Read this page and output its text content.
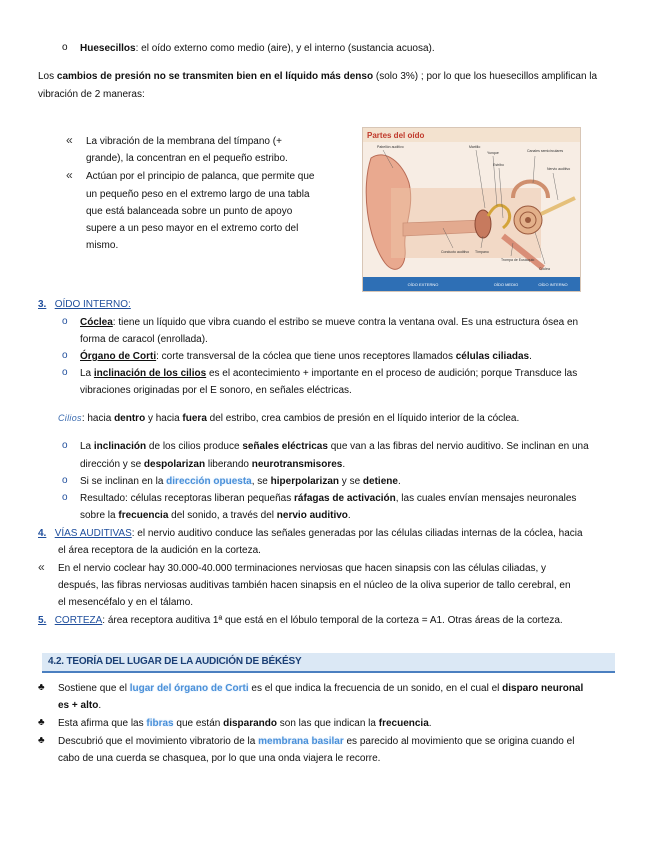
o Huesecillos: el oído externo como medio (aire), y el interno (sustancia acuosa).
Los cambios de presión no se transmiten bien en el líquido más denso (solo 3%) ; por lo que los huesecillos amplifican la
vibración de 2 maneras:
« La vibración de la membrana del tímpano (+
grande), la concentran en el pequeño estribo.
« Actúan por el principio de palanca, que permite que
un pequeño peso en el extremo largo de una tabla
que está balanceada sobre un punto de apoyo
supere a un peso mayor en el extremo corto del
mismo.
Partes del oído
Pabellón auditivo	Martillo
Yunque
Estribo
Canales semicirculares
Nervio auditivo
Conducto auditivo Tímpano
Trompa de Eustaquio
Cóclea
OÍDO EXTERNO	OÍDO MEDIO	OÍDO INTERNO
3. OÍDO INTERNO:
o Cóclea: tiene un líquido que vibra cuando el estribo se mueve contra la ventana oval. Es una estructura ósea en
forma de caracol (enrollada).
o Órgano de Corti: corte transversal de la cóclea que tiene unos receptores llamados células ciliadas.
o La inclinación de los cilios es el acontecimiento + importante en el proceso de audición; porque Transduce las
vibraciones originadas por el E sonoro, en señales eléctricas.
Cilios: hacia dentro y hacia fuera del estribo, crea cambios de presión en el líquido interior de la cóclea.
o La inclinación de los cilios produce señales eléctricas que van a las fibras del nervio auditivo. Se inclinan en una
dirección y se despolarizan liberando neurotransmisores.
o Si se inclinan en la dirección opuesta, se hiperpolarizan y se detiene.
o Resultado: células receptoras liberan pequeñas ráfagas de activación, las cuales envían mensajes neuronales
sobre la frecuencia del sonido, a través del nervio auditivo.
4. VÍAS AUDITIVAS: el nervio auditivo conduce las señales generadas por las células ciliadas internas de la cóclea, hacia
el área receptora de la audición en la corteza.
« En el nervio coclear hay 30.000-40.000 terminaciones nerviosas que hacen sinapsis con las células ciliadas, y
después, las fibras nerviosas auditivas también hacen sinapsis en el núcleo de la oliva superior de tallo cerebral, en
el mesencéfalo y en el tálamo.
5. CORTEZA: área receptora auditiva 1ª que está en el lóbulo temporal de la corteza = A1. Otras áreas de la corteza.
4.2. TEORÍA DEL LUGAR DE LA AUDICIÓN DE BÉKÉSY
♣ Sostiene que el lugar del órgano de Corti es el que indica la frecuencia de un sonido, en el cual el disparo neuronal
es + alto.
♣ Esta afirma que las fibras que están disparando son las que indican la frecuencia.
♣ Descubrió que el movimiento vibratorio de la membrana basilar es parecido al movimiento que se origina cuando el
cabo de una cuerda se chasquea, por lo que una onda viajera le recorre.
